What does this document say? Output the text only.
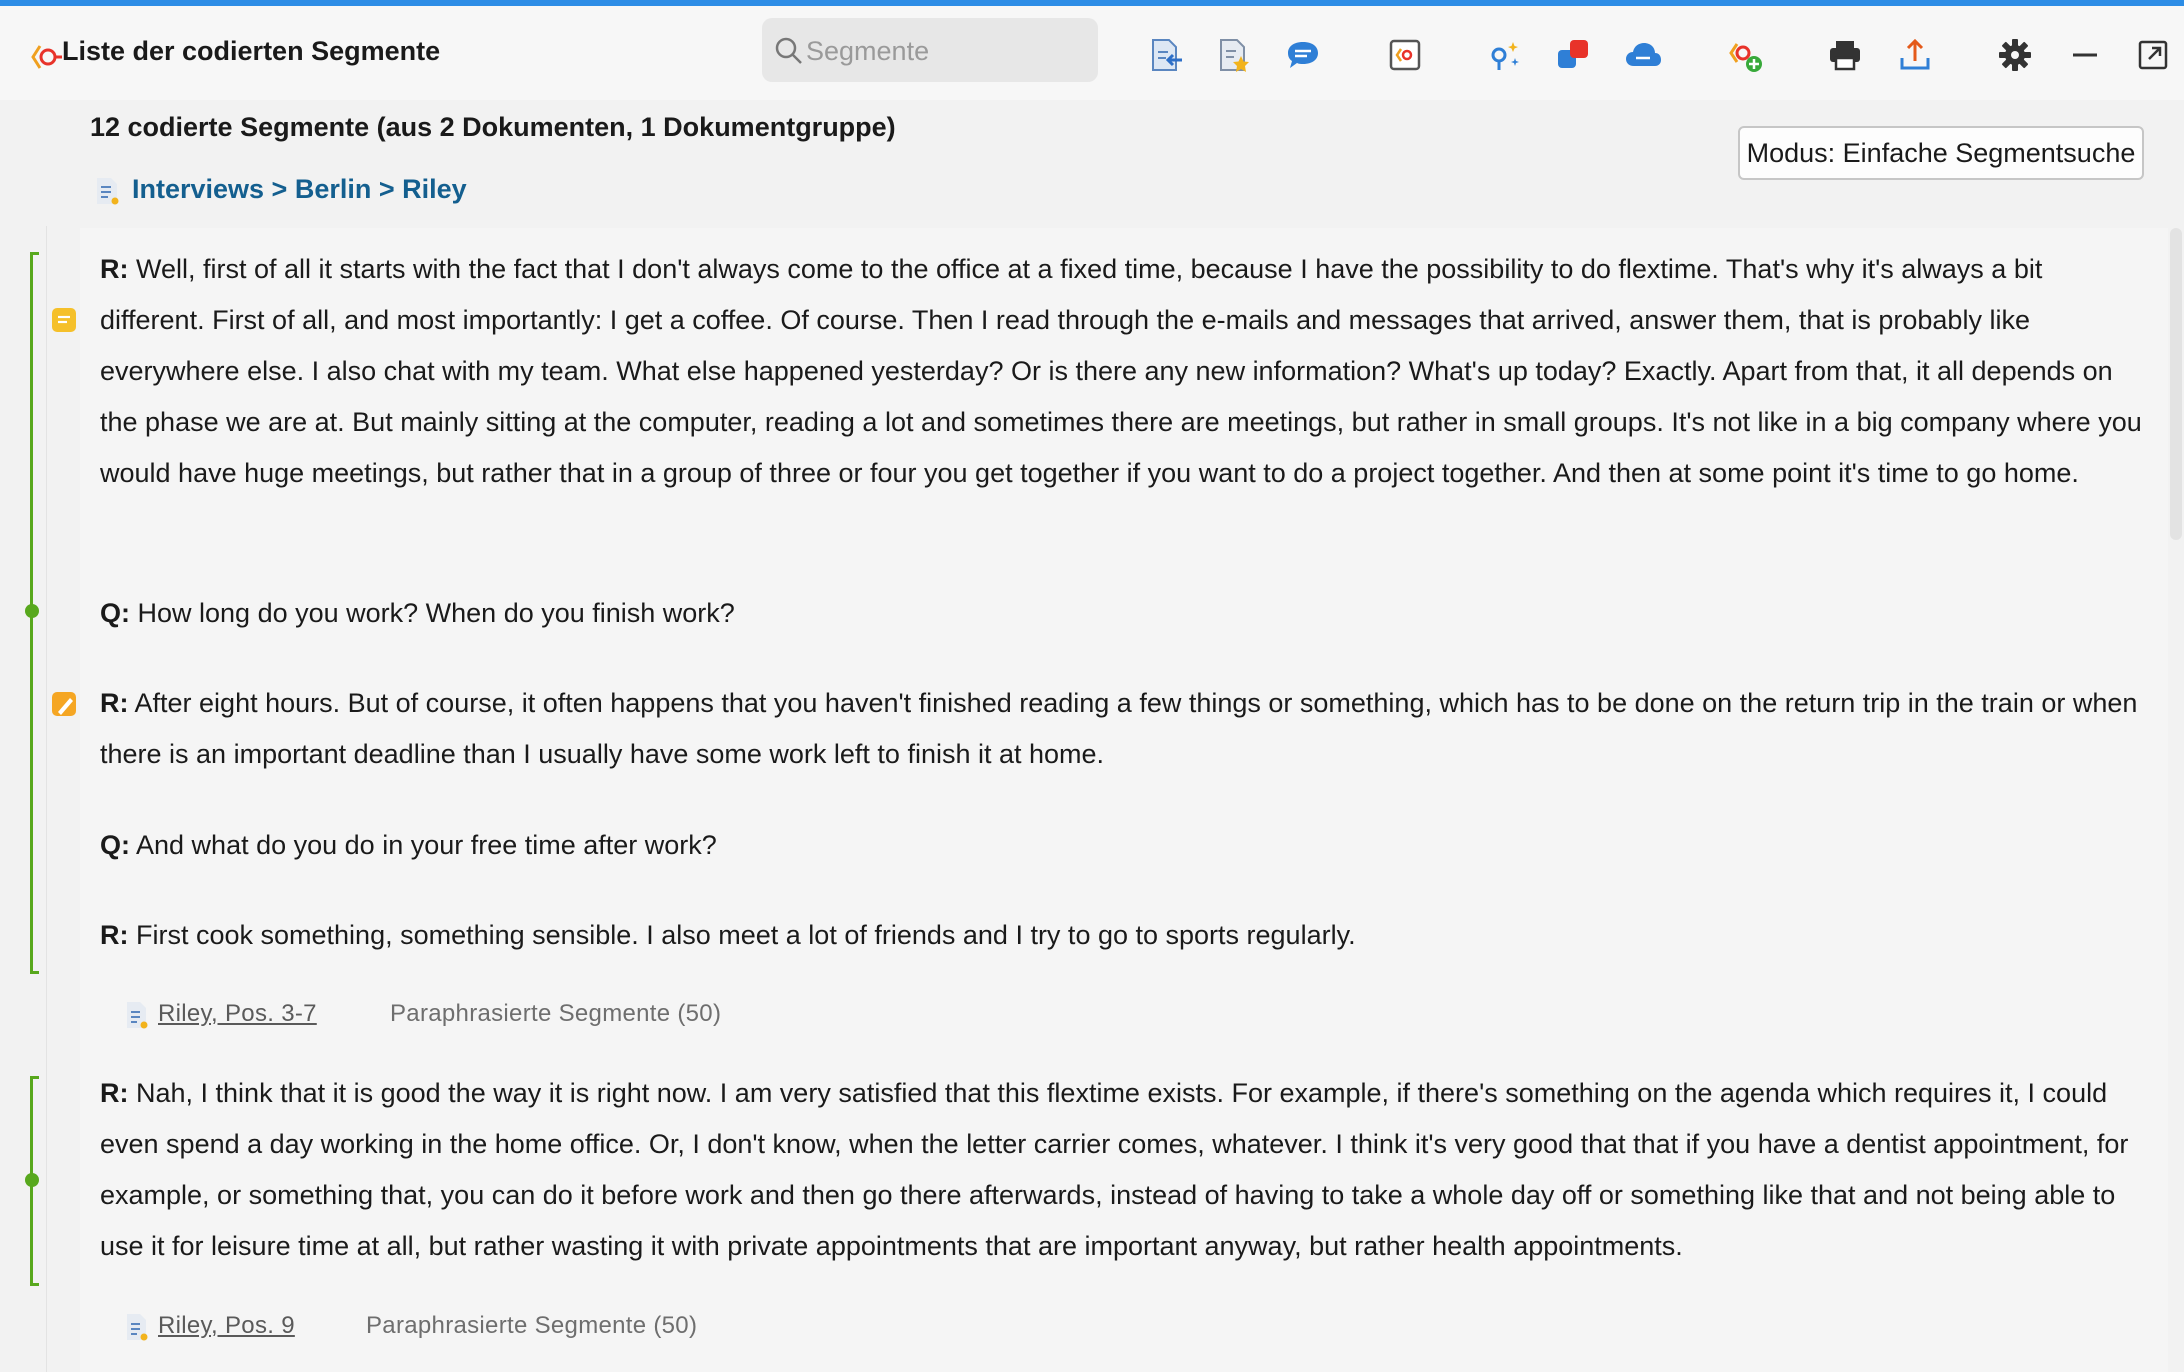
Liste der codierten Segmente
Segmente
12 codierte Segmente (aus 2 Dokumenten, 1 Dokumentgruppe)
Interviews > Berlin > Riley
Modus: Einfache Segmentsuche
R: Well, first of all it starts with the fact that I don't always come to the office at a fixed time, because I have the possibility to do flextime. That's why it's always a bit different. First of all, and most importantly: I get a coffee. Of course. Then I read through the e-mails and messages that arrived, answer them, that is probably like everywhere else. I also chat with my team. What else happened yesterday? Or is there any new information? What's up today? Exactly. Apart from that, it all depends on the phase we are at. But mainly sitting at the computer, reading a lot and sometimes there are meetings, but rather in small groups. It's not like in a big company where you would have huge meetings, but rather that in a group of three or four you get together if you want to do a project together. And then at some point it's time to go home.
Q: How long do you work? When do you finish work?
R: After eight hours. But of course, it often happens that you haven't finished reading a few things or something, which has to be done on the return trip in the train or when there is an important deadline than I usually have some work left to finish it at home.
Q: And what do you do in your free time after work?
R: First cook something, something sensible. I also meet a lot of friends and I try to go to sports regularly.
Riley, Pos. 3-7	Paraphrasierte Segmente (50)
R: Nah, I think that it is good the way it is right now. I am very satisfied that this flextime exists. For example, if there's something on the agenda which requires it, I could even spend a day working in the home office. Or, I don't know, when the letter carrier comes, whatever. I think it's very good that that if you have a dentist appointment, for example, or something that, you can do it before work and then go there afterwards, instead of having to take a whole day off or something like that and not being able to use it for leisure time at all, but rather wasting it with private appointments that are important anyway, but rather health appointments.
Riley, Pos. 9	Paraphrasierte Segmente (50)
